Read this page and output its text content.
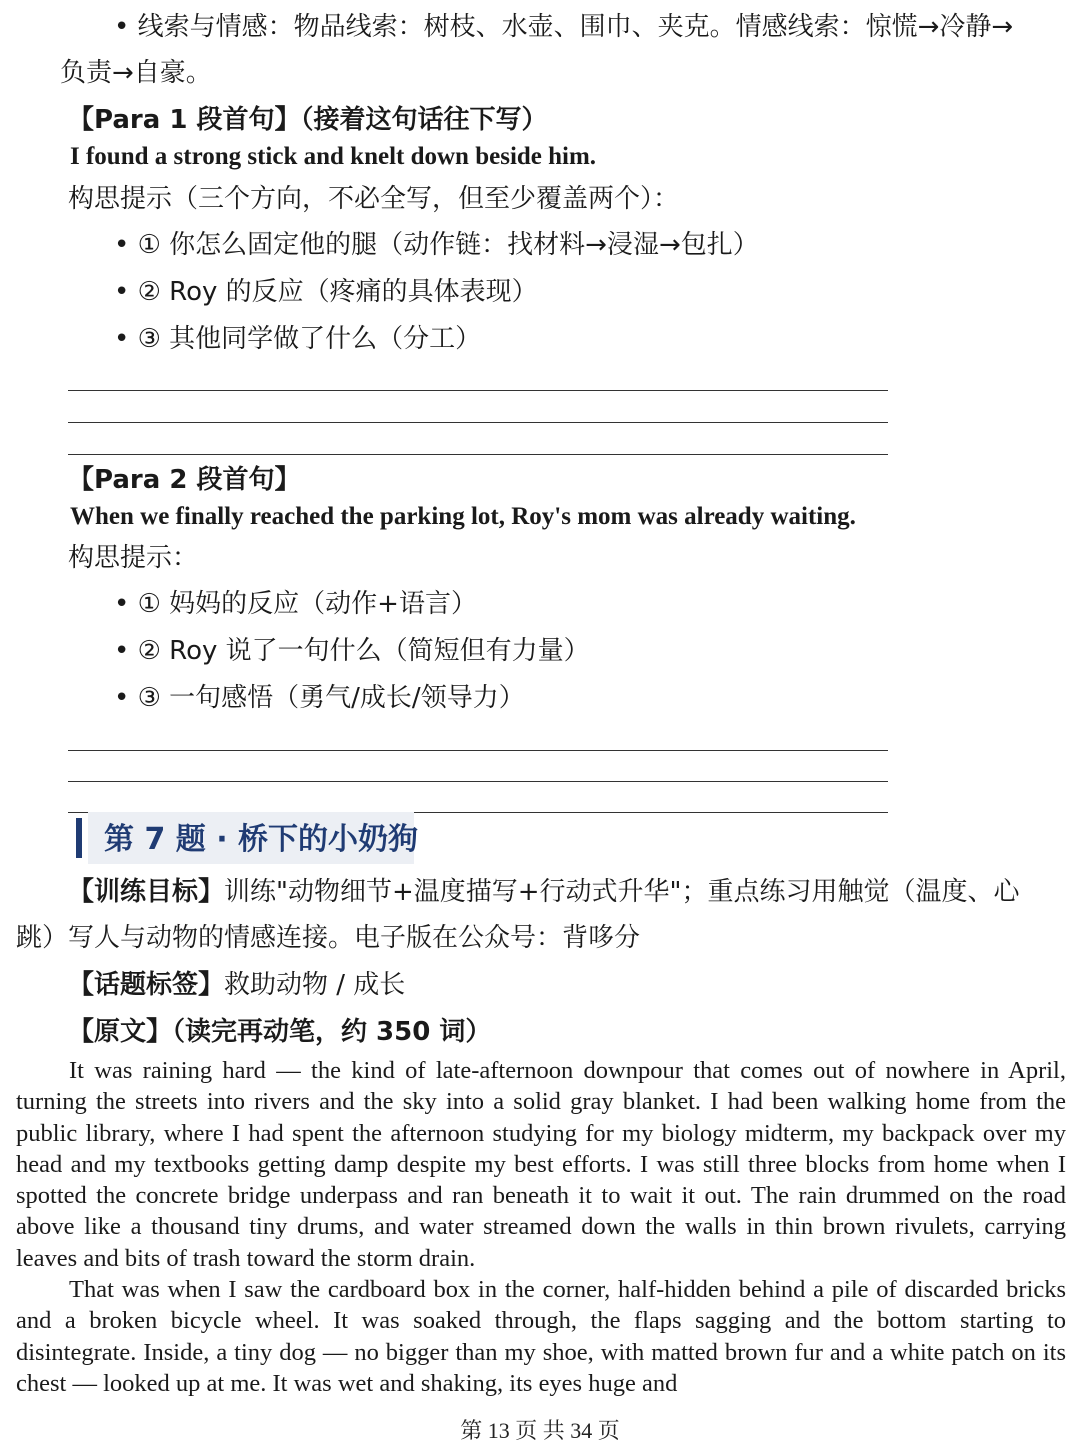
• 线索与情感：物品线索：树枝、水壶、围巾、夹克。情感线索：惊慌→冷静→
负责→自豪。
【Para 1 段首句】（接着这句话往下写）
I found a strong stick and knelt down beside him.
构思提示（三个方向，不必全写，但至少覆盖两个）：
• ① 你怎么固定他的腿（动作链：找材料→浸湿→包扎）
• ② Roy 的反应（疼痛的具体表现）
• ③ 其他同学做了什么（分工）
【Para 2 段首句】
When we finally reached the parking lot, Roy's mom was already waiting.
构思提示：
• ① 妈妈的反应（动作+语言）
• ② Roy 说了一句什么（简短但有力量）
• ③ 一句感悟（勇气/成长/领导力）
第 7 题 · 桥下的小奶狗
【训练目标】训练"动物细节+温度描写+行动式升华"；重点练习用触觉（温度、心
跳）写人与动物的情感连接。电子版在公众号：背哆分
【话题标签】救助动物 / 成长
【原文】（读完再动笔，约 350 词）

It was raining hard — the kind of late-afternoon downpour that comes out of nowhere in April, turning the streets into rivers and the sky into a solid gray blanket. I had been walking home from the public library, where I had spent the afternoon studying for my biology midterm, my backpack over my head and my textbooks getting damp despite my best efforts. I was still three blocks from home when I spotted the concrete bridge underpass and ran beneath it to wait it out. The rain drummed on the road above like a thousand tiny drums, and water streamed down the walls in thin brown rivulets, carrying leaves and bits of trash toward the storm drain.

That was when I saw the cardboard box in the corner, half-hidden behind a pile of discarded bricks and a broken bicycle wheel. It was soaked through, the flaps sagging and the bottom starting to disintegrate. Inside, a tiny dog — no bigger than my shoe, with matted brown fur and a white patch on its chest — looked up at me. It was wet and shaking, its eyes huge and

第 13 页 共 34 页
